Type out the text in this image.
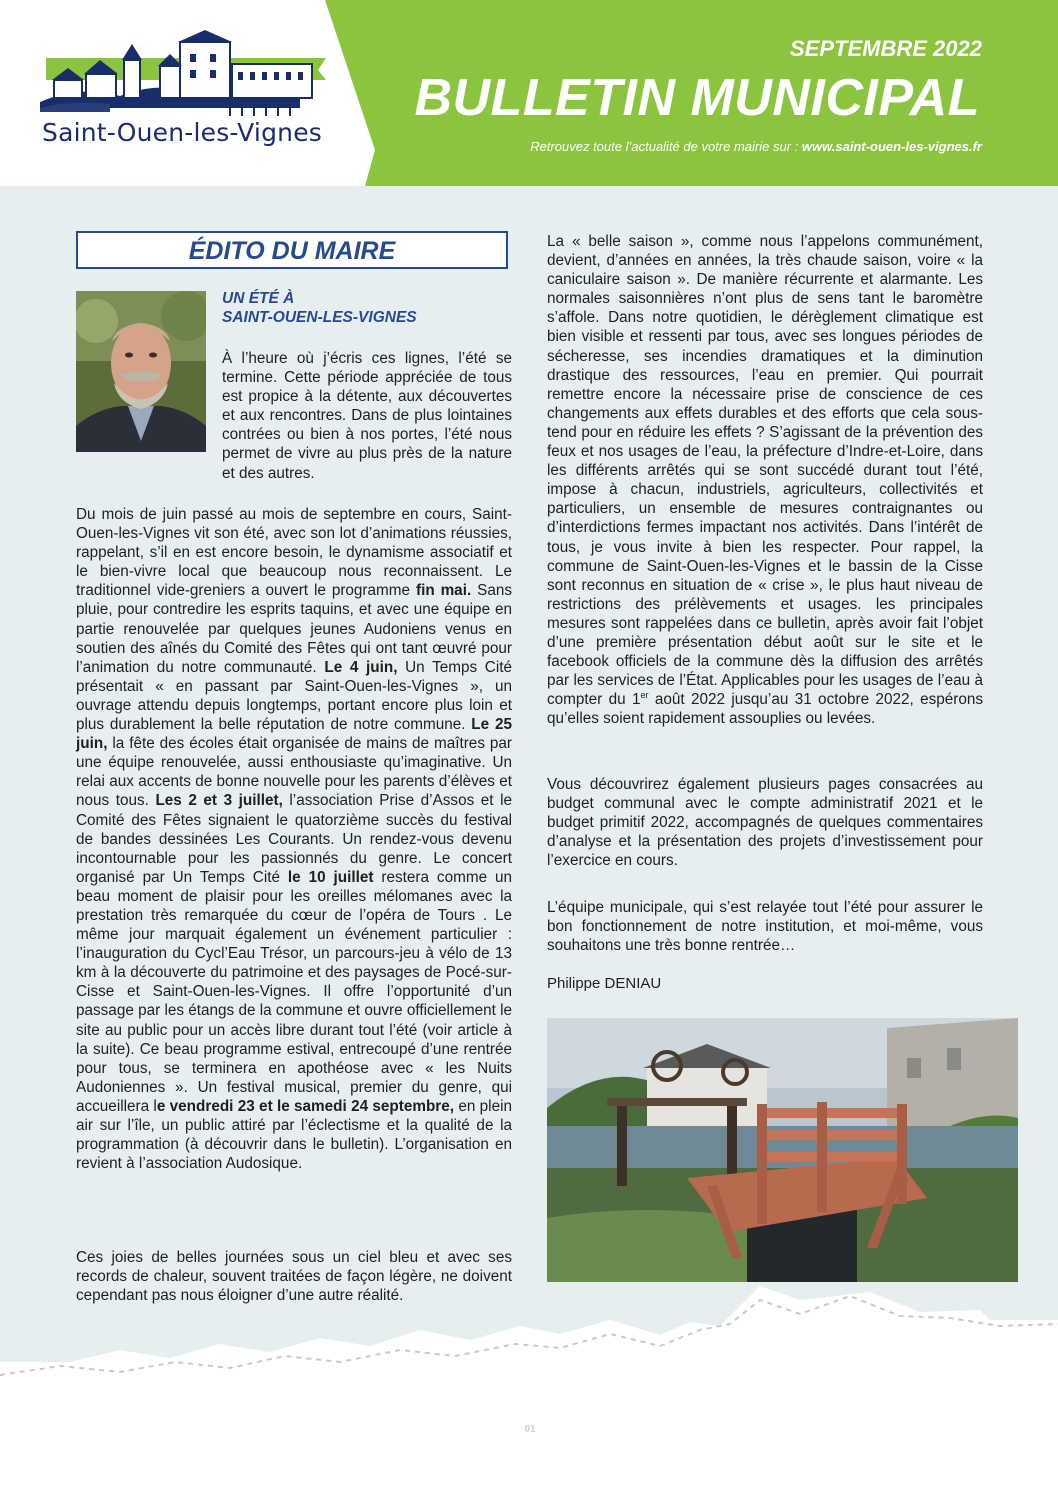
Saint-Ouen-les-Vignes
SEPTEMBRE 2022
BULLETIN MUNICIPAL
Retrouvez toute l’actualité de votre mairie sur : www.saint-ouen-les-vignes.fr
ÉDITO DU MAIRE
UN ÉTÉ À
SAINT-OUEN-LES-VIGNES

À l’heure où j’écris ces lignes, l’été se termine. Cette période appréciée de tous est propice à la détente, aux découvertes et aux rencontres. Dans de plus lointaines contrées ou bien à nos portes, l’été nous permet de vivre au plus près de la nature et des autres.

Du mois de juin passé au mois de septembre en cours, Saint-Ouen-les-Vignes vit son été, avec son lot d’animations réussies, rappelant, s’il en est encore besoin, le dynamisme associatif et le bien-vivre local que beaucoup nous reconnaissent. Le traditionnel vide-greniers a ouvert le programme fin mai. Sans pluie, pour contredire les esprits taquins, et avec une équipe en partie renouvelée par quelques jeunes Audoniens venus en soutien des aînés du Comité des Fêtes qui ont tant œuvré pour l’animation du notre communauté. Le 4 juin, Un Temps Cité présentait « en passant par Saint-Ouen-les-Vignes », un ouvrage attendu depuis longtemps, portant encore plus loin et plus durablement la belle réputation de notre commune. Le 25 juin, la fête des écoles était organisée de mains de maîtres par une équipe renouvelée, aussi enthousiaste qu’imaginative. Un relai aux accents de bonne nouvelle pour les parents d’élèves et nous tous. Les 2 et 3 juillet, l’association Prise d’Assos et le Comité des Fêtes signaient le quatorzième succès du festival de bandes dessinées Les Courants. Un rendez-vous devenu incontournable pour les passionnés du genre. Le concert organisé par Un Temps Cité le 10 juillet restera comme un beau moment de plaisir pour les oreilles mélomanes avec la prestation très remarquée du cœur de l’opéra de Tours . Le même jour marquait également un événement particulier : l’inauguration du Cycl’Eau Trésor, un parcours-jeu à vélo de 13 km à la découverte du patrimoine et des paysages de Pocé-sur-Cisse et Saint-Ouen-les-Vignes. Il offre l’opportunité d’un passage par les étangs de la commune et ouvre officiellement le site au public pour un accès libre durant tout l’été (voir article à la suite). Ce beau programme estival, entrecoupé d’une rentrée pour tous, se terminera en apothéose avec « les Nuits Audoniennes ». Un festival musical, premier du genre, qui accueillera le vendredi 23 et le samedi 24 septembre, en plein air sur l’île, un public attiré par l’éclectisme et la qualité de la programmation (à découvrir dans le bulletin). L’organisation en revient à l’association Audosique.

Ces joies de belles journées sous un ciel bleu et avec ses records de chaleur, souvent traitées de façon légère, ne doivent cependant pas nous éloigner d’une autre réalité.

La « belle saison », comme nous l’appelons communément, devient, d’années en années, la très chaude saison, voire « la caniculaire saison ». De manière récurrente et alarmante. Les normales saisonnières n’ont plus de sens tant le baromètre s’affole. Dans notre quotidien, le dérèglement climatique est bien visible et ressenti par tous, avec ses longues périodes de sécheresse, ses incendies dramatiques et la diminution drastique des ressources, l’eau en premier. Qui pourrait remettre encore la nécessaire prise de conscience de ces changements aux effets durables et des efforts que cela sous-tend pour en réduire les effets ? S’agissant de la prévention des feux et nos usages de l’eau, la préfecture d’Indre-et-Loire, dans les différents arrêtés qui se sont succédé durant tout l’été, impose à chacun, industriels, agriculteurs, collectivités et particuliers, un ensemble de mesures contraignantes ou d’interdictions fermes impactant nos activités. Dans l’intérêt de tous, je vous invite à bien les respecter. Pour rappel, la commune de Saint-Ouen-les-Vignes et le bassin de la Cisse sont reconnus en situation de « crise », le plus haut niveau de restrictions des prélèvements et usages. les principales mesures sont rappelées dans ce bulletin, après avoir fait l’objet d’une première présentation début août sur le site et le facebook officiels de la commune dès la diffusion des arrêtés par les services de l’État. Applicables pour les usages de l’eau à compter du 1er août 2022 jusqu’au 31 octobre 2022, espérons qu’elles soient rapidement assouplies ou levées.

Vous découvrirez également plusieurs pages consacrées au budget communal avec le compte administratif 2021 et le budget primitif 2022, accompagnés de quelques commentaires d’analyse et la présentation des projets d’investissement pour l’exercice en cours.

L’équipe municipale, qui s’est relayée tout l’été pour assurer le bon fonctionnement de notre institution, et moi-même, vous souhaitons une très bonne rentrée…

Philippe DENIAU
01
